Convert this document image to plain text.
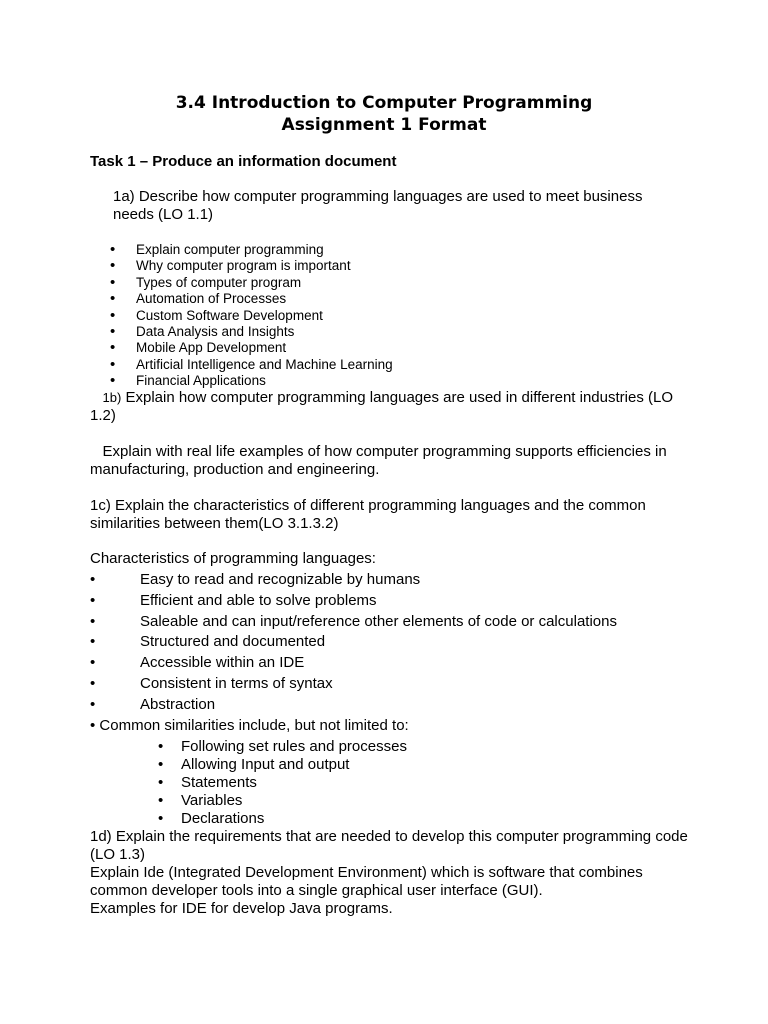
3.4 Introduction to Computer Programming
Assignment 1 Format
Task 1 – Produce an information document
1a) Describe how computer programming languages are used to meet business needs (LO 1.1)
• Explain computer programming
• Why computer program is important
• Types of computer program
• Automation of Processes
• Custom Software Development
• Data Analysis and Insights
• Mobile App Development
• Artificial Intelligence and Machine Learning
• Financial Applications
1b) Explain how computer programming languages are used in different industries (LO 1.2)
Explain with real life examples of how computer programming supports efficiencies in manufacturing, production and engineering.
1c) Explain the characteristics of different programming languages and the common similarities between them(LO 3.1.3.2)
Characteristics of programming languages:
• Easy to read and recognizable by humans
• Efficient and able to solve problems
• Saleable and can input/reference other elements of code or calculations
• Structured and documented
• Accessible within an IDE
• Consistent in terms of syntax
• Abstraction
• Common similarities include, but not limited to:
• Following set rules and processes
• Allowing Input and output
• Statements
• Variables
• Declarations
1d) Explain the requirements that are needed to develop this computer programming code (LO 1.3)
Explain Ide (Integrated Development Environment) which is software that combines common developer tools into a single graphical user interface (GUI).
Examples for IDE for develop Java programs.
